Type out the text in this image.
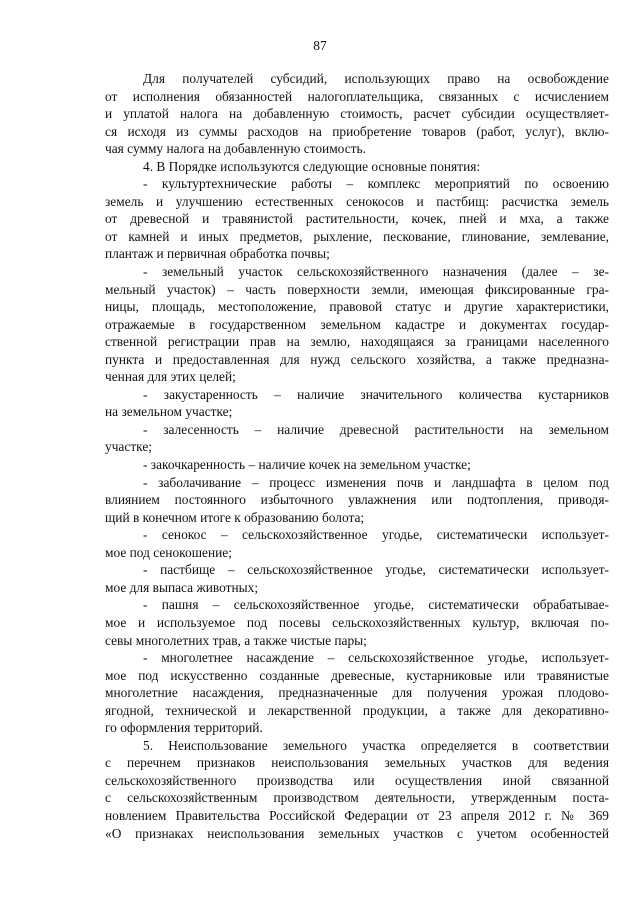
87
Для получателей субсидий, использующих право на освобождение
от исполнения обязанностей налогоплательщика, связанных с исчислением
и уплатой налога на добавленную стоимость, расчет субсидии осуществляет-
ся исходя из суммы расходов на приобретение товаров (работ, услуг), вклю-
чая сумму налога на добавленную стоимость.
4. В Порядке используются следующие основные понятия:
- культуртехнические работы – комплекс мероприятий по освоению
земель и улучшению естественных сенокосов и пастбищ: расчистка земель
от древесной и травянистой растительности, кочек, пней и мха, а также
от камней и иных предметов, рыхление, пескование, глинование, землевание,
плантаж и первичная обработка почвы;
- земельный участок сельскохозяйственного назначения (далее – зе-
мельный участок) – часть поверхности земли, имеющая фиксированные гра-
ницы, площадь, местоположение, правовой статус и другие характеристики,
отражаемые в государственном земельном кадастре и документах государ-
ственной регистрации прав на землю, находящаяся за границами населенного
пункта и предоставленная для нужд сельского хозяйства, а также предназна-
ченная для этих целей;
- закустаренность – наличие значительного количества кустарников
на земельном участке;
- залесенность – наличие древесной растительности на земельном
участке;
- закочкаренность – наличие кочек на земельном участке;
- заболачивание – процесс изменения почв и ландшафта в целом под
влиянием постоянного избыточного увлажнения или подтопления, приводя-
щий в конечном итоге к образованию болота;
- сенокос – сельскохозяйственное угодье, систематически использует-
мое под сенокошение;
- пастбище – сельскохозяйственное угодье, систематически использует-
мое для выпаса животных;
- пашня – сельскохозяйственное угодье, систематически обрабатывае-
мое и используемое под посевы сельскохозяйственных культур, включая по-
севы многолетних трав, а также чистые пары;
- многолетнее насаждение – сельскохозяйственное угодье, использует-
мое под искусственно созданные древесные, кустарниковые или травянистые
многолетние насаждения, предназначенные для получения урожая плодово-
ягодной, технической и лекарственной продукции, а также для декоративно-
го оформления территорий.
5. Неиспользование земельного участка определяется в соответствии
с перечнем признаков неиспользования земельных участков для ведения
сельскохозяйственного производства или осуществления иной связанной
с сельскохозяйственным производством деятельности, утвержденным поста-
новлением Правительства Российской Федерации от 23 апреля 2012 г. № 369
«О признаках неиспользования земельных участков с учетом особенностей
